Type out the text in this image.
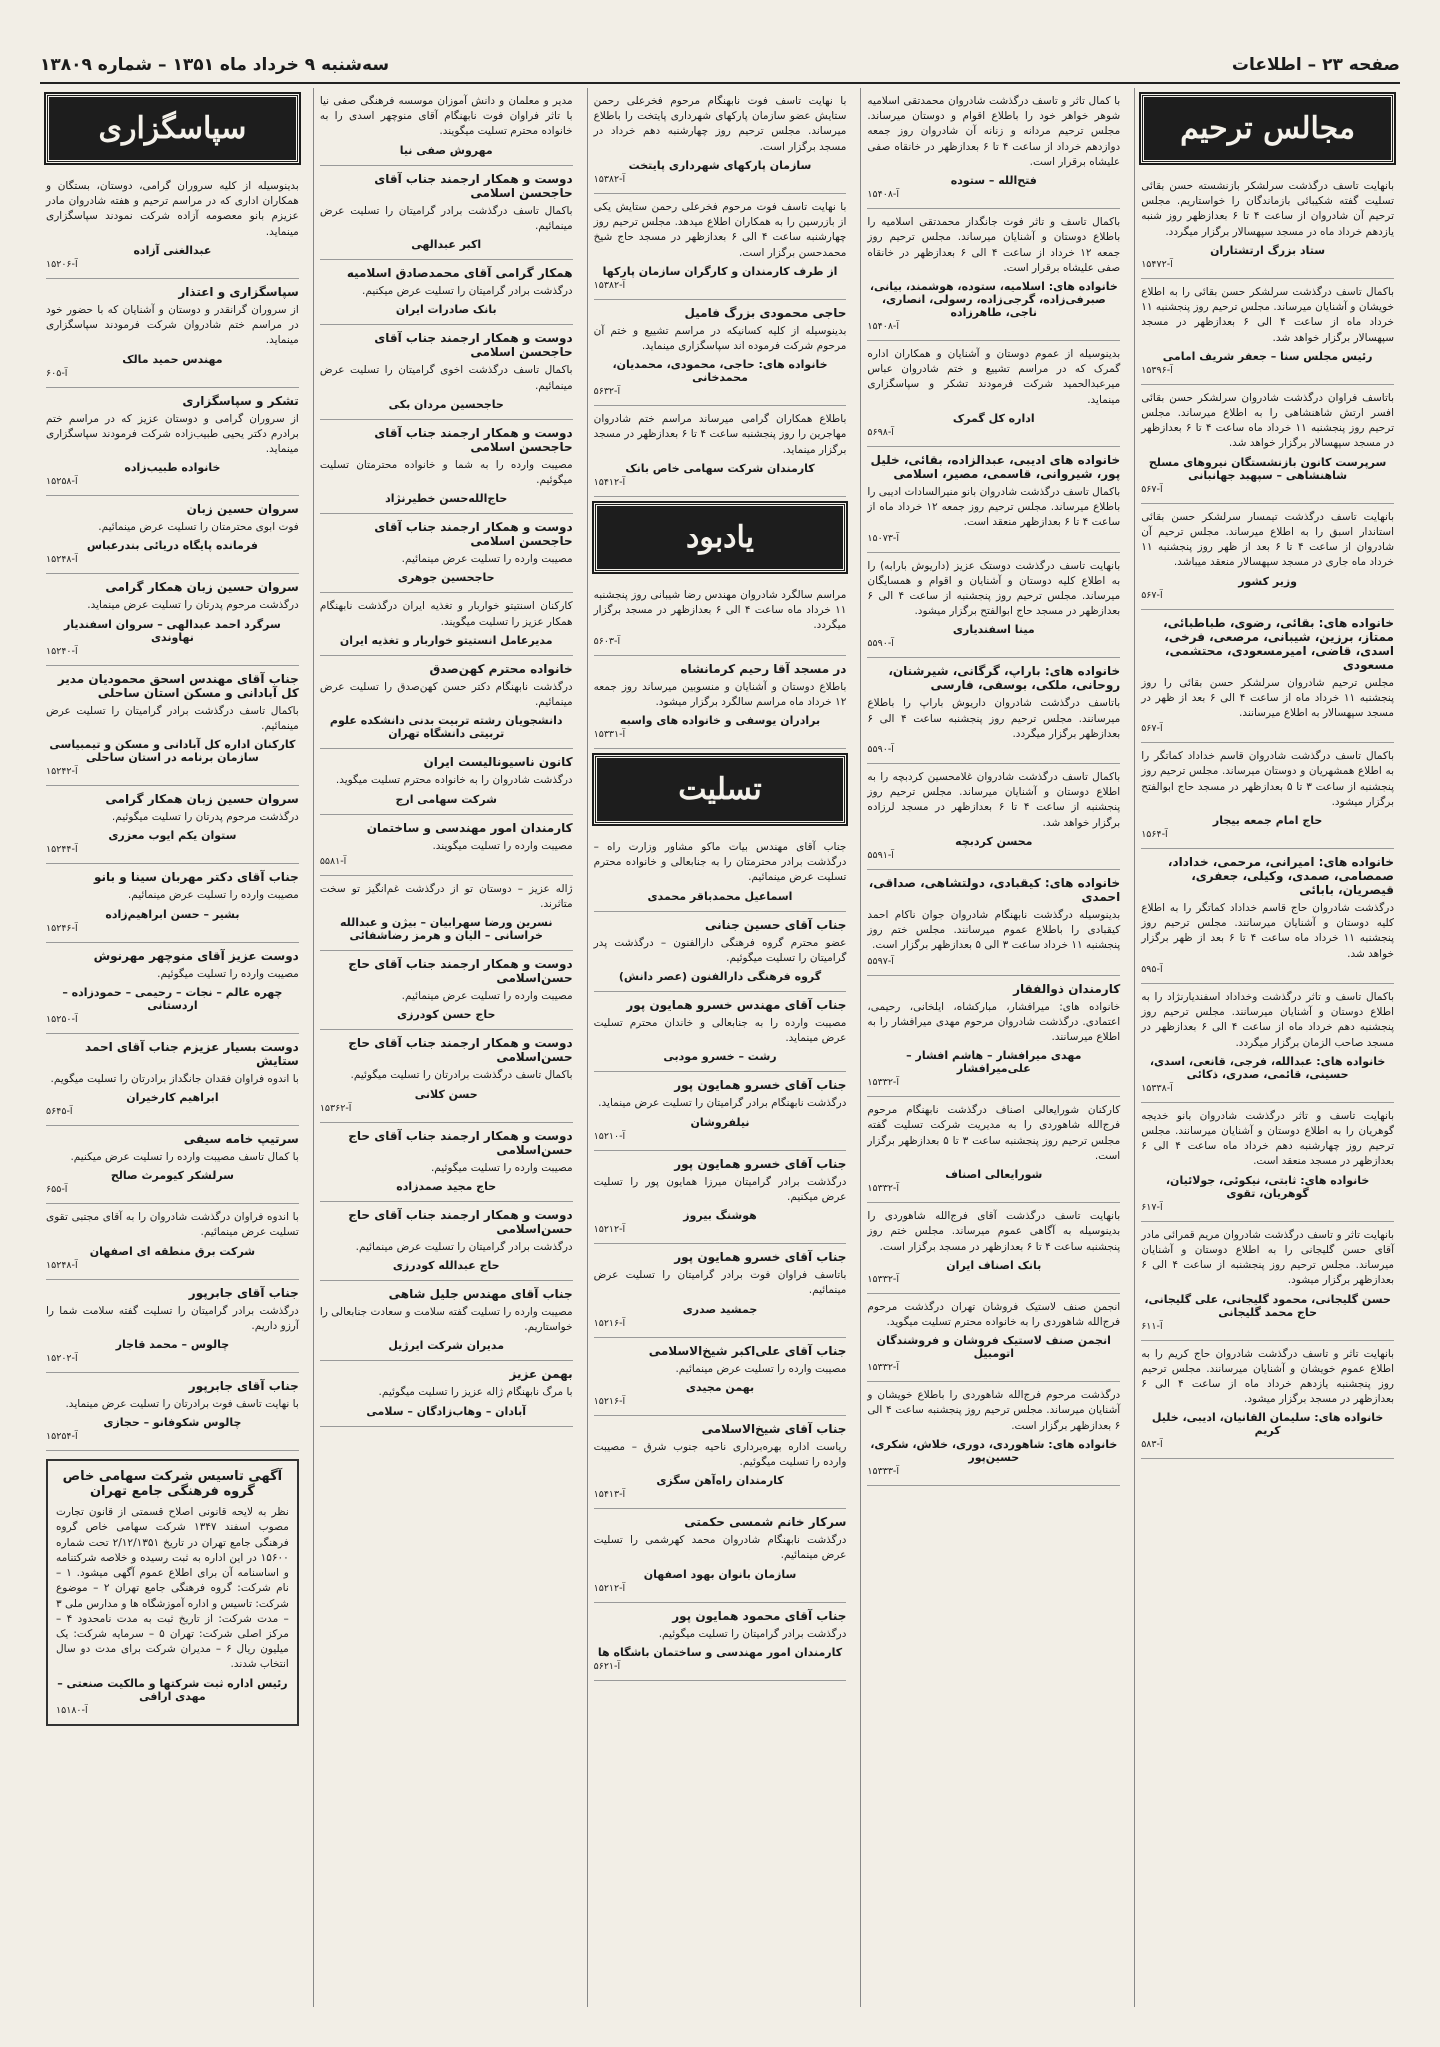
صفحه ۲۳ – اطلاعات
سه‌شنبه ۹ خرداد ماه ۱۳۵۱ – شماره ۱۳۸۰۹
مجالس ترحیم
بانهایت تاسف درگذشت سرلشکر بازنشسته حسن بقائی تسلیت گفته شکیبائی بازماندگان را خواستاریم. مجلس ترحیم آن شادروان از ساعت ۴ تا ۶ بعدازظهر روز شنبه یازدهم خرداد ماه در مسجد سپهسالار برگزار میگردد.
ستاد بزرگ ارتشتاران
آ-۱۵۴۷۲
باکمال تاسف درگذشت سرلشکر حسن بقائی را به اطلاع خویشان و آشنایان میرساند. مجلس ترحیم روز پنجشنبه ۱۱ خرداد ماه از ساعت ۴ الی ۶ بعدازظهر در مسجد سپهسالار برگزار خواهد شد.
رئیس مجلس سنا – جعفر شریف امامی
آ-۱۵۳۹۶
باتاسف فراوان درگذشت شادروان سرلشکر حسن بقائی افسر ارتش شاهنشاهی را به اطلاع میرساند. مجلس ترحیم روز پنجشنبه ۱۱ خرداد ماه ساعت ۴ تا ۶ بعدازظهر در مسجد سپهسالار برگزار خواهد شد.
سرپرست کانون بازنشستگان نیروهای مسلح شاهنشاهی – سپهبد جهانبانی
آ-۵۶۷
بانهایت تاسف درگذشت تیمسار سرلشکر حسن بقائی استاندار اسبق را به اطلاع میرساند. مجلس ترحیم آن شادروان از ساعت ۴ تا ۶ بعد از ظهر روز پنجشنبه ۱۱ خرداد ماه جاری در مسجد سپهسالار منعقد میباشد.
وزیر کشور
آ-۵۶۷
خانواده های: بقائی، رضوی، طباطبائی، ممتاز، برزین، شیبانی، مرصعی، فرخی، اسدی، قاضی، امیرمسعودی، محتشمی، مسعودی
مجلس ترحیم شادروان سرلشکر حسن بقائی را روز پنجشنبه ۱۱ خرداد ماه از ساعت ۴ الی ۶ بعد از ظهر در مسجد سپهسالار به اطلاع میرسانند.
آ-۵۶۷
باکمال تاسف درگذشت شادروان قاسم خداداد کماتگر را به اطلاع همشهریان و دوستان میرساند. مجلس ترحیم روز پنجشنبه از ساعت ۳ تا ۵ بعدازظهر در مسجد حاج ابوالفتح برگزار میشود.
حاج امام جمعه بیجار
آ-۱۵۶۴
خانواده های: امیرانی، مرحمی، خداداد، صمصامی، صمدی، وکیلی، جعفری، قیصریان، بابائی
درگذشت شادروان حاج قاسم خداداد کماتگر را به اطلاع کلیه دوستان و آشنایان میرسانند. مجلس ترحیم روز پنجشنبه ۱۱ خرداد ماه ساعت ۴ تا ۶ بعد از ظهر برگزار خواهد شد.
آ-۵۹۵
باکمال تاسف و تاثر درگذشت وخداداد اسفندیارنژاد را به اطلاع دوستان و آشنایان میرسانند. مجلس ترحیم روز پنجشنبه دهم خرداد ماه از ساعت ۴ الی ۶ بعدازظهر در مسجد صاحب الزمان برگزار میگردد.
خانواده های: عبدالله، فرجی، قانعی، اسدی، حسینی، قائمی، صدری، ذکائی
آ-۱۵۳۳۸
بانهایت تاسف و تاثر درگذشت شادروان بانو خدیجه گوهریان را به اطلاع دوستان و آشنایان میرسانند. مجلس ترحیم روز چهارشنبه دهم خرداد ماه ساعت ۴ الی ۶ بعدازظهر در مسجد منعقد است.
خانواده های: ثابتی، نیکوئی، جولائیان، گوهریان، تقوی
آ-۶۱۷
بانهایت تاثر و تاسف درگذشت شادروان مریم قمرائی مادر آقای حسن گلیجانی را به اطلاع دوستان و آشنایان میرساند. مجلس ترحیم روز پنجشنبه از ساعت ۴ الی ۶ بعدازظهر برگزار میشود.
حسن گلیجانی، محمود گلیجانی، علی گلیجانی، حاج محمد گلیجانی
آ-۶۱۱
بانهایت تاثر و تاسف درگذشت شادروان حاج کریم را به اطلاع عموم خویشان و آشنایان میرسانند. مجلس ترحیم روز پنجشنبه یازدهم خرداد ماه از ساعت ۴ الی ۶ بعدازظهر در مسجد برگزار میشود.
خانواده های: سلیمان القانیان، ادیبی، خلیل کریم
آ-۵۸۳
با کمال تاثر و تاسف درگذشت شادروان محمدتقی اسلامیه شوهر خواهر خود را باطلاع اقوام و دوستان میرساند. مجلس ترحیم مردانه و زنانه آن شادروان روز جمعه دوازدهم خرداد از ساعت ۴ تا ۶ بعدازظهر در خانقاه صفی علیشاه برقرار است.
فتح‌الله – ستوده
آ-۱۵۴۰۸
باکمال تاسف و تاثر فوت جانگداز محمدتقی اسلامیه را باطلاع دوستان و آشنایان میرساند. مجلس ترحیم روز جمعه ۱۲ خرداد از ساعت ۴ الی ۶ بعدازظهر در خانقاه صفی علیشاه برقرار است.
خانواده های: اسلامیه، ستوده، هوشمند، بیانی، صبرفی‌زاده، گرجی‌زاده، رسولی، انصاری، ناجی، طاهرزاده
آ-۱۵۴۰۸
بدینوسیله از عموم دوستان و آشنایان و همکاران اداره گمرک که در مراسم تشییع و ختم شادروان عباس میرعبدالحمید شرکت فرمودند تشکر و سپاسگزاری مینماید.
اداره کل گمرک
آ-۵۶۹۸
خانواده های ادیبی، عبدالزاده، بقائی، خلیل پور، شیروانی، قاسمی، مصیر، اسلامی
باکمال تاسف درگذشت شادروان بانو منیرالسادات ادیبی را باطلاع میرساند. مجلس ترحیم روز جمعه ۱۲ خرداد ماه از ساعت ۴ تا ۶ بعدازظهر منعقد است.
آ-۱۵۰۷۳
بانهایت تاسف درگذشت دوستک عزیز (داریوش بارابه) را به اطلاع کلیه دوستان و آشنایان و اقوام و همسایگان میرساند. مجلس ترحیم روز پنجشنبه از ساعت ۴ الی ۶ بعدازظهر در مسجد حاج ابوالفتح برگزار میشود.
مینا اسفندیاری
آ-۵۵۹۰
خانواده های: باراپ، گرگانی، شیرشنان، روحانی، ملکی، بوسفی، فارسی
باتاسف درگذشت شادروان داریوش باراپ را باطلاع میرسانند. مجلس ترحیم روز پنجشنبه ساعت ۴ الی ۶ بعدازظهر برگزار میگردد.
آ-۵۵۹۰
باکمال تاسف درگذشت شادروان غلامحسین کردبچه را به اطلاع دوستان و آشنایان میرساند. مجلس ترحیم روز پنجشنبه از ساعت ۴ تا ۶ بعدازظهر در مسجد لرزاده برگزار خواهد شد.
محسن کردبچه
آ-۵۵۹۱
خانواده های: کیقبادی، دولتشاهی، صداقی، احمدی
بدینوسیله درگذشت نابهنگام شادروان جوان ناکام احمد کیقبادی را باطلاع عموم میرسانند. مجلس ختم روز پنجشنبه ۱۱ خرداد ساعت ۳ الی ۵ بعدازظهر برگزار است.
آ-۵۵۹۷
کارمندان ذوالفقار
خانواده های: میرافشار، مبارکشاه، ایلخانی، رحیمی، اعتمادی. درگذشت شادروان مرحوم مهدی میرافشار را به اطلاع میرسانند.
مهدی میرافشار – هاشم افشار – علی‌میرافشار
آ-۱۵۳۳۲
کارکنان شورایعالی اصناف درگذشت نابهنگام مرحوم فرج‌الله شاهوردی را به مدیریت شرکت تسلیت گفته مجلس ترحیم روز پنجشنبه ساعت ۳ تا ۵ بعدازظهر برگزار است.
شورایعالی اصناف
آ-۱۵۳۳۲
بانهایت تاسف درگذشت آقای فرج‌الله شاهوردی را بدینوسیله به آگاهی عموم میرساند. مجلس ختم روز پنجشنبه ساعت ۴ تا ۶ بعدازظهر در مسجد برگزار است.
بانک اصناف ایران
آ-۱۵۳۳۲
انجمن صنف لاستیک فروشان تهران درگذشت مرحوم فرج‌الله شاهوردی را به خانواده محترم تسلیت میگوید.
انجمن صنف لاستیک فروشان و فروشندگان اتومبیل
آ-۱۵۳۳۲
درگذشت مرحوم فرج‌الله شاهوردی را باطلاع خویشان و آشنایان میرساند. مجلس ترحیم روز پنجشنبه ساعت ۴ الی ۶ بعدازظهر برگزار است.
خانواده های: شاهوردی، دوری، خلاش، شکری، حسین‌پور
آ-۱۵۳۳۳
با نهایت تاسف فوت نابهنگام مرحوم فخرعلی رحمن ستایش عضو سازمان پارکهای شهرداری پایتخت را باطلاع میرساند. مجلس ترحیم روز چهارشنبه دهم خرداد در مسجد برگزار است.
سازمان پارکهای شهرداری پایتخت
آ-۱۵۳۸۲
با نهایت تاسف فوت مرحوم فخرعلی رحمن ستایش یکی از بازرسین را به همکاران اطلاع میدهد. مجلس ترحیم روز چهارشنبه ساعت ۴ الی ۶ بعدازظهر در مسجد حاج شیخ محمدحسن برگزار است.
از طرف کارمندان و کارگران سازمان پارکها
آ-۱۵۳۸۲
حاجی محمودی بزرگ فامیل
بدینوسیله از کلیه کسانیکه در مراسم تشییع و ختم آن مرحوم شرکت فرموده اند سپاسگزاری مینماید.
خانواده های: حاجی، محمودی، محمدیان، محمدخانی
آ-۵۶۳۲
باطلاع همکاران گرامی میرساند مراسم ختم شادروان مهاجرین را روز پنجشنبه ساعت ۴ تا ۶ بعدازظهر در مسجد برگزار مینماید.
کارمندان شرکت سهامی خاص بانک
آ-۱۵۴۱۲
یادبود
مراسم سالگرد شادروان مهندس رضا شیبانی روز پنجشنبه ۱۱ خرداد ماه ساعت ۴ الی ۶ بعدازظهر در مسجد برگزار میگردد.
آ-۵۶۰۳
در مسجد آقا رحیم کرمانشاه
باطلاع دوستان و آشنایان و منسوبین میرساند روز جمعه ۱۲ خرداد ماه مراسم سالگرد برگزار میشود.
برادران یوسفی و خانواده های واسبه
آ-۱۵۳۳۱
تسلیت
جناب آقای مهندس بیات ماکو مشاور وزارت راه – درگذشت برادر محترمتان را به جنابعالی و خانواده محترم تسلیت عرض مینمائیم.
اسماعیل محمدباقر محمدی
جناب آقای حسین جنانی
عضو محترم گروه فرهنگی دارالفنون – درگذشت پدر گرامیتان را تسلیت میگوئیم.
گروه فرهنگی دارالفنون (عصر دانش)
جناب آقای مهندس خسرو همایون پور
مصیبت وارده را به جنابعالی و خاندان محترم تسلیت عرض مینماید.
رشت – خسرو مودبی
جناب آقای خسرو همایون پور
درگذشت نابهنگام برادر گرامیتان را تسلیت عرض مینماید.
نیلفروشان
آ-۱۵۲۱۰
جناب آقای خسرو همایون پور
درگذشت برادر گرامیتان میرزا همایون پور را تسلیت عرض میکنیم.
هوشنگ بیروز
آ-۱۵۲۱۲
جناب آقای خسرو همایون پور
باتاسف فراوان فوت برادر گرامیتان را تسلیت عرض مینمائیم.
جمشید صدری
آ-۱۵۲۱۶
جناب آقای علی‌اکبر شیخ‌الاسلامی
مصیبت وارده را تسلیت عرض مینمائیم.
بهمن مجیدی
آ-۱۵۲۱۶
جناب آقای شیخ‌الاسلامی
ریاست اداره بهره‌برداری ناحیه جنوب شرق – مصیبت وارده را تسلیت میگوئیم.
کارمندان راه‌آهن سگزی
آ-۱۵۴۱۳
سرکار خانم شمسی حکمتی
درگذشت نابهنگام شادروان محمد کهرشمی را تسلیت عرض مینمائیم.
سازمان بانوان بهود اصفهان
آ-۱۵۲۱۲
جناب آقای محمود همایون پور
درگذشت برادر گرامیتان را تسلیت میگوئیم.
کارمندان امور مهندسی و ساختمان باشگاه ها
آ-۵۶۲۱
مدیر و معلمان و دانش آموزان موسسه فرهنگی صفی نیا با تاثر فراوان فوت نابهنگام آقای منوچهر اسدی را به خانواده محترم تسلیت میگویند.
مهروش صفی نیا
دوست و همکار ارجمند جناب آقای حاجحسن اسلامی
باکمال تاسف درگذشت برادر گرامیتان را تسلیت عرض مینمائیم.
اکبر عبدالهی
همکار گرامی آقای محمدصادق اسلامیه
درگذشت برادر گرامیتان را تسلیت عرض میکنیم.
بانک صادرات ایران
دوست و همکار ارجمند جناب آقای حاجحسن اسلامی
باکمال تاسف درگذشت اخوی گرامیتان را تسلیت عرض مینمائیم.
حاجحسین مردان بکی
دوست و همکار ارجمند جناب آقای حاجحسن اسلامی
مصیبت وارده را به شما و خانواده محترمتان تسلیت میگوئیم.
حاج‌الله‌حسن خطیرنژاد
دوست و همکار ارجمند جناب آقای حاجحسن اسلامی
مصیبت وارده را تسلیت عرض مینمائیم.
حاجحسین جوهری
کارکنان اسنتیتو خواربار و تغذیه ایران درگذشت نابهنگام همکار عزیز را تسلیت میگویند.
مدیرعامل انستیتو خواربار و تغذیه ایران
خانواده محترم کهن‌صدق
درگذشت نابهنگام دکتر حسن کهن‌صدق را تسلیت عرض مینمائیم.
دانشجویان رشته تربیت بدنی دانشکده علوم تربیتی دانشگاه تهران
کانون ناسیونالیست ایران
درگذشت شادروان را به خانواده محترم تسلیت میگوید.
شرکت سهامی ارج
کارمندان امور مهندسی و ساختمان
مصیبت وارده را تسلیت میگویند.
آ-۵۵۸۱
ژاله عزیز – دوستان تو از درگذشت غم‌انگیز تو سخت متاثرند.
نسرین ورضا سهرابیان – بیژن و عبدالله خراسانی – الیان و هرمز رضاشفائی
دوست و همکار ارجمند جناب آقای حاج حسن‌اسلامی
مصیبت وارده را تسلیت عرض مینمائیم.
حاج حسن کودرزی
دوست و همکار ارجمند جناب آقای حاج حسن‌اسلامی
باکمال تاسف درگذشت برادرتان را تسلیت میگوئیم.
حسن کلانی
آ-۱۵۳۶۲
دوست و همکار ارجمند جناب آقای حاج حسن‌اسلامی
مصیبت وارده را تسلیت میگوئیم.
حاج مجید صمدزاده
دوست و همکار ارجمند جناب آقای حاج حسن‌اسلامی
درگذشت برادر گرامیتان را تسلیت عرض مینمائیم.
حاج عبدالله کودرزی
جناب آقای مهندس جلیل شاهی
مصیبت وارده را تسلیت گفته سلامت و سعادت جنابعالی را خواستاریم.
مدیران شرکت ایرژیل
بهمن عزیز
با مرگ نابهنگام ژاله عزیز را تسلیت میگوئیم.
آبادان – وهاب‌زادگان – سلامی
سپاسگزاری
بدینوسیله از کلیه سروران گرامی، دوستان، بستگان و همکاران اداری که در مراسم ترحیم و هفته شادروان مادر عزیزم بانو معصومه آزاده شرکت نمودند سپاسگزاری مینماید.
عبدالغنی آزاده
آ-۱۵۲۰۶
سپاسگزاری و اعتذار
از سروران گرانقدر و دوستان و آشنایان که با حضور خود در مراسم ختم شادروان شرکت فرمودند سپاسگزاری مینماید.
مهندس حمید مالک
آ-۶۰۵
تشکر و سپاسگزاری
از سروران گرامی و دوستان عزیز که در مراسم ختم برادرم دکتر یحیی طبیب‌زاده شرکت فرمودند سپاسگزاری مینماید.
خانواده طبیب‌زاده
آ-۱۵۲۵۸
سروان حسین زبان
فوت ابوی محترمتان را تسلیت عرض مینمائیم.
فرمانده پایگاه دریائی بندرعباس
آ-۱۵۲۴۸
سروان حسین زبان همکار گرامی
درگذشت مرحوم پدرتان را تسلیت عرض مینماید.
سرگرد احمد عبدالهی – سروان اسفندیار نهاوندی
آ-۱۵۲۴۰
جناب آقای مهندس اسحق محمودیان مدیر کل آبادانی و مسکن استان ساحلی
باکمال تاسف درگذشت برادر گرامیتان را تسلیت عرض مینمائیم.
کارکنان اداره کل آبادانی و مسکن و تیمبیاسی سازمان برنامه در استان ساحلی
آ-۱۵۲۴۲
سروان حسین زبان همکار گرامی
درگذشت مرحوم پدرتان را تسلیت میگوئیم.
ستوان یکم ایوب معزری
آ-۱۵۲۴۴
جناب آقای دکتر مهربان سینا و بانو
مصیبت وارده را تسلیت عرض مینمائیم.
بشیر – حسن ابراهیم‌زاده
آ-۱۵۲۴۶
دوست عزیز آقای منوچهر مهرنوش
مصیبت وارده را تسلیت میگوئیم.
چهره عالم – نجات – رحیمی – حمودزاده – اردستانی
آ-۱۵۲۵۰
دوست بسیار عزیزم جناب آقای احمد ستایش
با اندوه فراوان فقدان جانگداز برادرتان را تسلیت میگویم.
ابراهیم کارخیران
آ-۵۶۴۵
سرتیپ خامه سیفی
با کمال تاسف مصیبت وارده را تسلیت عرض میکنیم.
سرلشکر کیومرث صالح
آ-۶۵۵
با اندوه فراوان درگذشت شادروان را به آقای مجتبی تقوی تسلیت عرض مینمائیم.
شرکت برق منطقه ای اصفهان
آ-۱۵۲۴۸
جناب آقای جابرپور
درگذشت برادر گرامیتان را تسلیت گفته سلامت شما را آرزو داریم.
چالوس – محمد قاجار
آ-۱۵۲۰۲
جناب آقای جابرپور
با نهایت تاسف فوت برادرتان را تسلیت عرض مینماید.
چالوس شکوفانو – حجازی
آ-۱۵۲۵۴
آگهی تاسیس شرکت سهامی خاص گروه فرهنگی جامع تهران
نظر به لایحه قانونی اصلاح قسمتی از قانون تجارت مصوب اسفند ۱۳۴۷ شرکت سهامی خاص گروه فرهنگی جامع تهران در تاریخ ۲/۱۲/۱۳۵۱ تحت شماره ۱۵۶۰۰ در این اداره به ثبت رسیده و خلاصه شرکتنامه و اساسنامه آن برای اطلاع عموم آگهی میشود. ۱ – نام شرکت: گروه فرهنگی جامع تهران ۲ – موضوع شرکت: تاسیس و اداره آموزشگاه ها و مدارس ملی ۳ – مدت شرکت: از تاریخ ثبت به مدت نامحدود ۴ – مرکز اصلی شرکت: تهران ۵ – سرمایه شرکت: یک میلیون ریال ۶ – مدیران شرکت برای مدت دو سال انتخاب شدند.
رئیس اداره ثبت شرکتها و مالکیت صنعتی – مهدی ارافی
آ-۱۵۱۸۰
